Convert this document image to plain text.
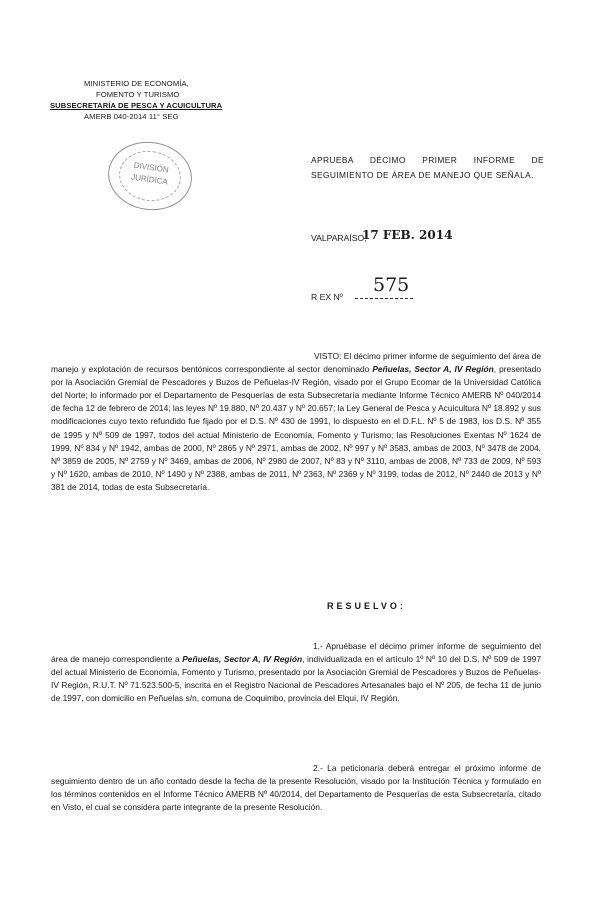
MINISTERIO DE ECONOMÍA,
FOMENTO Y TURISMO
SUBSECRETARÍA DE PESCA Y ACUICULTURA
AMERB 040-2014 11° SEG
DIVISIÓN
JURÍDICA
APRUEBA DÉCIMO PRIMER INFORME DE SEGUIMIENTO DE ÁREA DE MANEJO QUE SEÑALA.
VALPARAÍSO,
17 FEB. 2014
R EX Nº
575
VISTO: El décimo primer informe de seguimiento del área de manejo y explotación de recursos bentónicos correspondiente al sector denominado Peñuelas, Sector A, IV Región, presentado por la Asociación Gremial de Pescadores y Buzos de Peñuelas-IV Región, visado por el Grupo Ecomar de la Universidad Católica del Norte; lo informado por el Departamento de Pesquerías de esta Subsecretaría mediante Informe Técnico AMERB Nº 040/2014 de fecha 12 de febrero de 2014; las leyes Nº 19.880, Nº 20.437 y Nº 20.657; la Ley General de Pesca y Acuicultura Nº 18.892 y sus modificaciones cuyo texto refundido fue fijado por el D.S. Nº 430 de 1991, lo dispuesto en el D.F.L. Nº 5 de 1983, los D.S. Nº 355 de 1995 y Nº 509 de 1997, todos del actual Ministerio de Economía, Fomento y Turismo; las Resoluciones Exentas Nº 1624 de 1999, Nº 834 y Nº 1942, ambas de 2000, Nº 2865 y Nº 2971, ambas de 2002, Nº 997 y Nº 3583, ambas de 2003, Nº 3478 de 2004, Nº 3859 de 2005, Nº 2759 y Nº 3469, ambas de 2006, Nº 2980 de 2007, Nº 83 y Nº 3110, ambas de 2008, Nº 733 de 2009, Nº 593 y Nº 1620, ambas de 2010, Nº 1490 y Nº 2388, ambas de 2011, Nº 2363, Nº 2369 y Nº 3199, todas de 2012, Nº 2440 de 2013 y Nº 381 de 2014, todas de esta Subsecretaría.
RESUELVO:
1.- Apruébase el décimo primer informe de seguimiento del área de manejo correspondiente a Peñuelas, Sector A, IV Región, individualizada en el artículo 1º Nº 10 del D.S. Nº 509 de 1997 del actual Ministerio de Economía, Fomento y Turismo, presentado por la Asociación Gremial de Pescadores y Buzos de Peñuelas-IV Región, R.U.T. Nº 71.523.500-5, inscrita en el Registro Nacional de Pescadores Artesanales bajo el Nº 205, de fecha 11 de junio de 1997, con domicilio en Peñuelas s/n, comuna de Coquimbo, provincia del Elqui, IV Región.
2.- La peticionaria deberá entregar el próximo informe de seguimiento dentro de un año contado desde la fecha de la presente Resolución, visado por la Institución Técnica y formulado en los términos contenidos en el Informe Técnico AMERB Nº 40/2014, del Departamento de Pesquerías de esta Subsecretaría, citado en Visto, el cual se considera parte integrante de la presente Resolución.
